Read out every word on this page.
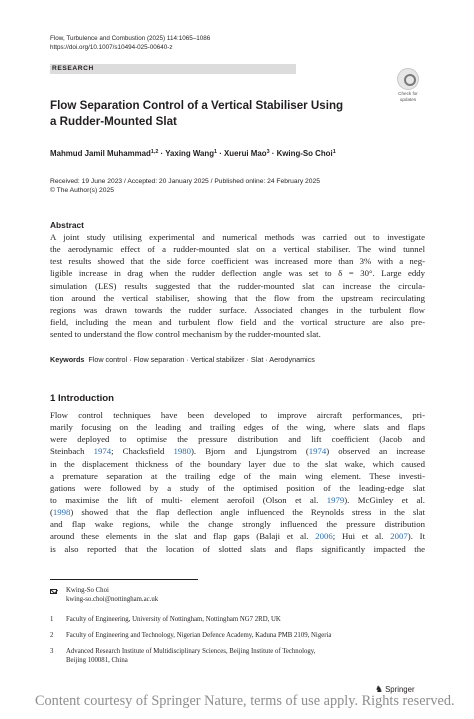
Flow, Turbulence and Combustion (2025) 114:1065–1086
https://doi.org/10.1007/s10494-025-00640-z
RESEARCH
Check for
updates
Flow Separation Control of a Vertical Stabiliser Using
a Rudder-Mounted Slat
Mahmud Jamil Muhammad$^{1,2}$ · Yaxing Wang$^1$ · Xuerui Mao$^3$ · Kwing-So Choi$^1$
Received: 19 June 2023 / Accepted: 20 January 2025 / Published online: 24 February 2025
© The Author(s) 2025
Abstract
A joint study utilising experimental and numerical methods was carried out to investigate
the aerodynamic effect of a rudder-mounted slat on a vertical stabiliser. The wind tunnel
test results showed that the side force coefficient was increased more than 3% with a neg-
ligible increase in drag when the rudder deflection angle was set to δ = 30°. Large eddy
simulation (LES) results suggested that the rudder-mounted slat can increase the circula-
tion around the vertical stabiliser, showing that the flow from the upstream recirculating
regions was drawn towards the rudder surface. Associated changes in the turbulent flow
field, including the mean and turbulent flow field and the vortical structure are also pre-
sented to understand the flow control mechanism by the rudder-mounted slat.
Keywords Flow control · Flow separation · Vertical stabilizer · Slat · Aerodynamics
1 Introduction
Flow control techniques have been developed to improve aircraft performances, pri-
marily focusing on the leading and trailing edges of the wing, where slats and flaps
were deployed to optimise the pressure distribution and lift coefficient (Jacob and
Steinbach 1974; Chacksfield 1980). Bjorn and Ljungstrom (1974) observed an increase
in the displacement thickness of the boundary layer due to the slat wake, which caused
a premature separation at the trailing edge of the main wing element. These investi-
gations were followed by a study of the optimised position of the leading-edge slat
to maximise the lift of multi- element aerofoil (Olson et al. 1979). McGinley et al.
(1998) showed that the flap deflection angle influenced the Reynolds stress in the slat
and flap wake regions, while the change strongly influenced the pressure distribution
around these elements in the slat and flap gaps (Balaji et al. 2006; Hui et al. 2007). It
is also reported that the location of slotted slats and flaps significantly impacted the
Kwing-So Choi
kwing-so.choi@nottingham.ac.uk
1 Faculty of Engineering, University of Nottingham, Nottingham NG7 2RD, UK
2 Faculty of Engineering and Technology, Nigerian Defence Academy, Kaduna PMB 2109, Nigeria
3 Advanced Research Institute of Multidisciplinary Sciences, Beijing Institute of Technology,
Beijing 100081, China
♞ Springer
Content courtesy of Springer Nature, terms of use apply. Rights reserved.
